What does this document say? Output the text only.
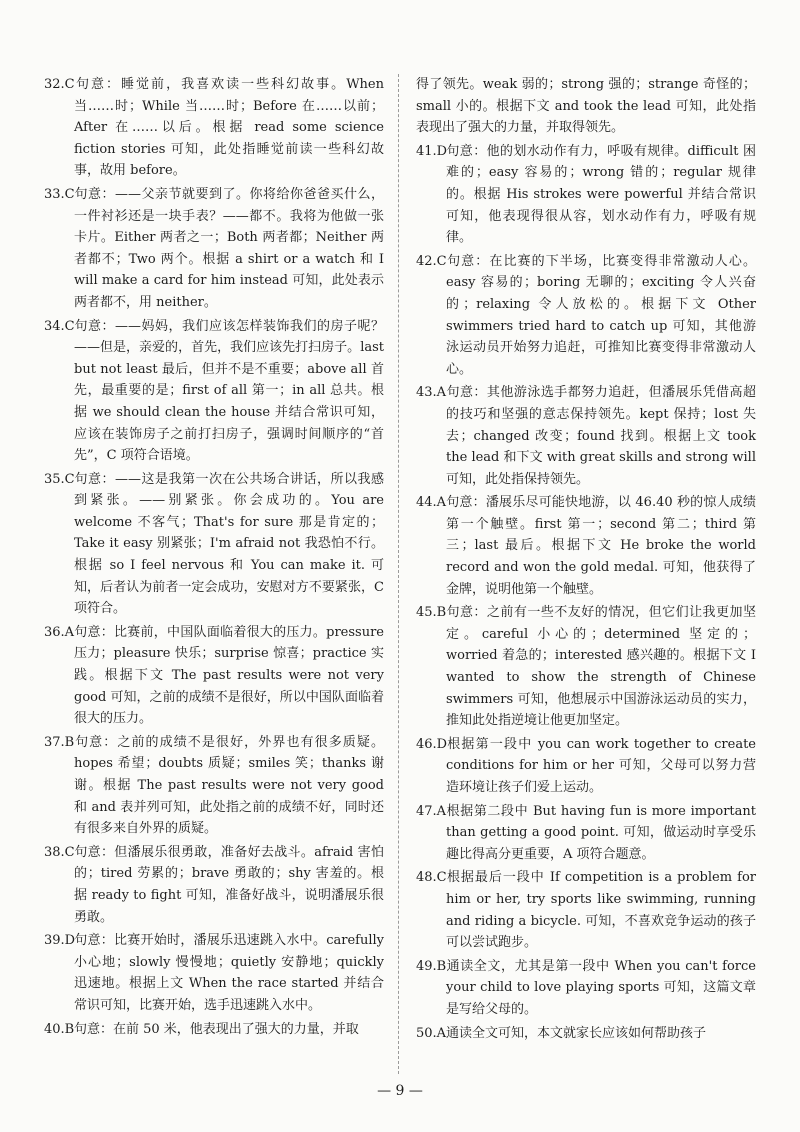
32.C句意：睡觉前，我喜欢读一些科幻故事。When 当……时；While 当……时；Before 在……以前；After 在……以后。根据 read some science fiction stories 可知，此处指睡觉前读一些科幻故事，故用 before。
33.C句意：——父亲节就要到了。你将给你爸爸买什么，一件衬衫还是一块手表？——都不。我将为他做一张卡片。Either 两者之一；Both 两者都；Neither 两者都不；Two 两个。根据 a shirt or a watch 和 I will make a card for him instead 可知，此处表示两者都不，用 neither。
34.C句意：——妈妈，我们应该怎样装饰我们的房子呢？——但是，亲爱的，首先，我们应该先打扫房子。last but not least 最后，但并不是不重要；above all 首先，最重要的是；first of all 第一；in all 总共。根据 we should clean the house 并结合常识可知，应该在装饰房子之前打扫房子，强调时间顺序的“首先”，C 项符合语境。
35.C句意：——这是我第一次在公共场合讲话，所以我感到紧张。——别紧张。你会成功的。You are welcome 不客气；That's for sure 那是肯定的；Take it easy 别紧张；I'm afraid not 我恐怕不行。根据 so I feel nervous 和 You can make it. 可知，后者认为前者一定会成功，安慰对方不要紧张，C 项符合。
36.A句意：比赛前，中国队面临着很大的压力。pressure 压力；pleasure 快乐；surprise 惊喜；practice 实践。根据下文 The past results were not very good 可知，之前的成绩不是很好，所以中国队面临着很大的压力。
37.B句意：之前的成绩不是很好，外界也有很多质疑。hopes 希望；doubts 质疑；smiles 笑；thanks 谢谢。根据 The past results were not very good 和 and 表并列可知，此处指之前的成绩不好，同时还有很多来自外界的质疑。
38.C句意：但潘展乐很勇敢，准备好去战斗。afraid 害怕的；tired 劳累的；brave 勇敢的；shy 害羞的。根据 ready to fight 可知，准备好战斗，说明潘展乐很勇敢。
39.D句意：比赛开始时，潘展乐迅速跳入水中。carefully 小心地；slowly 慢慢地；quietly 安静地；quickly 迅速地。根据上文 When the race started 并结合常识可知，比赛开始，选手迅速跳入水中。
40.B句意：在前 50 米，他表现出了强大的力量，并取
得了领先。weak 弱的；strong 强的；strange 奇怪的；small 小的。根据下文 and took the lead 可知，此处指表现出了强大的力量，并取得领先。
41.D句意：他的划水动作有力，呼吸有规律。difficult 困难的；easy 容易的；wrong 错的；regular 规律的。根据 His strokes were powerful 并结合常识可知，他表现得很从容，划水动作有力，呼吸有规律。
42.C句意：在比赛的下半场，比赛变得非常激动人心。easy 容易的；boring 无聊的；exciting 令人兴奋的；relaxing 令人放松的。根据下文 Other swimmers tried hard to catch up 可知，其他游泳运动员开始努力追赶，可推知比赛变得非常激动人心。
43.A句意：其他游泳选手都努力追赶，但潘展乐凭借高超的技巧和坚强的意志保持领先。kept 保持；lost 失去；changed 改变；found 找到。根据上文 took the lead 和下文 with great skills and strong will 可知，此处指保持领先。
44.A句意：潘展乐尽可能快地游，以 46.40 秒的惊人成绩第一个触壁。first 第一；second 第二；third 第三；last 最后。根据下文 He broke the world record and won the gold medal. 可知，他获得了金牌，说明他第一个触壁。
45.B句意：之前有一些不友好的情况，但它们让我更加坚定。careful 小心的；determined 坚定的；worried 着急的；interested 感兴趣的。根据下文 I wanted to show the strength of Chinese swimmers 可知，他想展示中国游泳运动员的实力，推知此处指逆境让他更加坚定。
46.D根据第一段中 you can work together to create conditions for him or her 可知，父母可以努力营造环境让孩子们爱上运动。
47.A根据第二段中 But having fun is more important than getting a good point. 可知，做运动时享受乐趣比得高分更重要，A 项符合题意。
48.C根据最后一段中 If competition is a problem for him or her, try sports like swimming, running and riding a bicycle. 可知，不喜欢竞争运动的孩子可以尝试跑步。
49.B通读全文，尤其是第一段中 When you can't force your child to love playing sports 可知，这篇文章是写给父母的。
50.A通读全文可知，本文就家长应该如何帮助孩子
— 9 —
